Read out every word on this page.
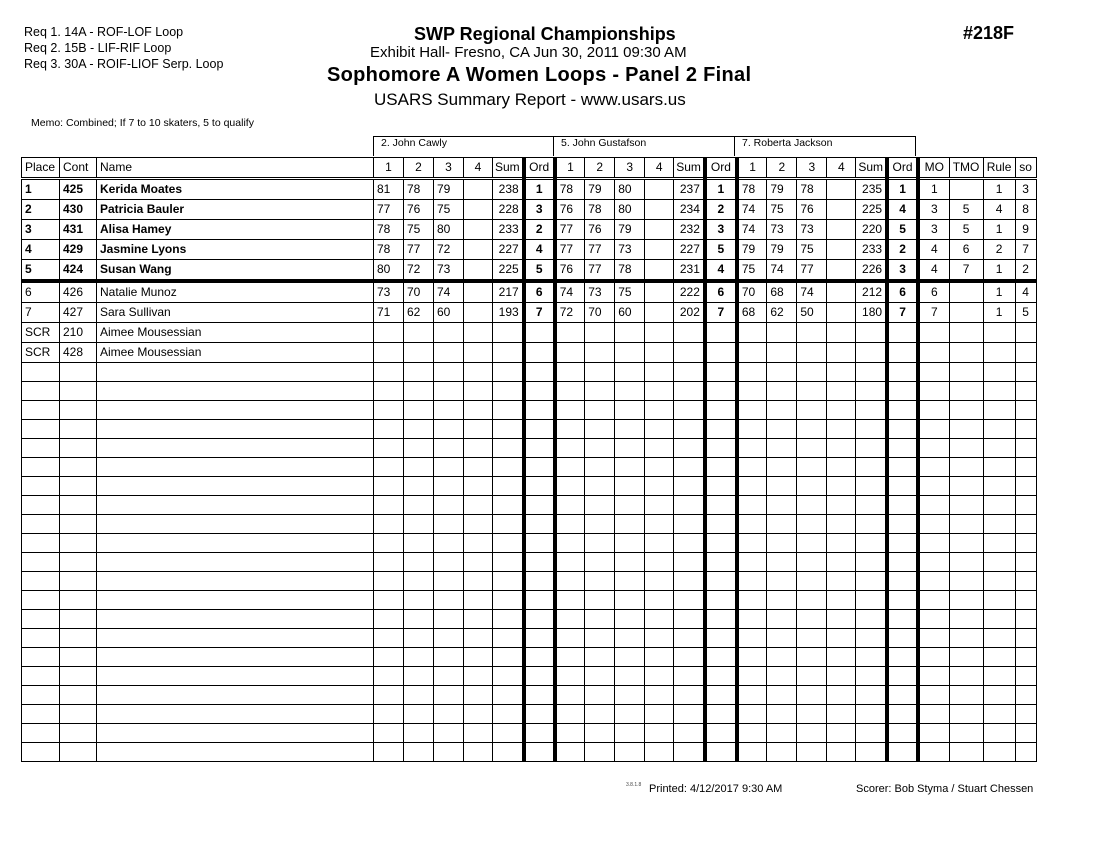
Req 1. 14A - ROF-LOF Loop
Req 2. 15B - LIF-RIF Loop
Req 3. 30A - ROIF-LIOF Serp. Loop
SWP Regional Championships
Exhibit Hall- Fresno, CA Jun 30, 2011 09:30 AM
Sophomore A Women Loops - Panel 2 Final
USARS Summary Report - www.usars.us
#218F
Memo: Combined; If 7 to 10 skaters, 5 to qualify
2. John Cawly	5. John Gustafson	7. Roberta Jackson
Place	Cont	Name	1	2	3	4	Sum	Ord	1	2	3	4	Sum	Ord	1	2	3	4	Sum	Ord	MO	TMO	Rule	so
1	425	Kerida Moates	81	78	79		238	1	78	79	80		237	1	78	79	78		235	1	1		1	3
2	430	Patricia Bauler	77	76	75		228	3	76	78	80		234	2	74	75	76		225	4	3	5	4	8
3	431	Alisa Hamey	78	75	80		233	2	77	76	79		232	3	74	73	73		220	5	3	5	1	9
4	429	Jasmine Lyons	78	77	72		227	4	77	77	73		227	5	79	79	75		233	2	4	6	2	7
5	424	Susan Wang	80	72	73		225	5	76	77	78		231	4	75	74	77		226	3	4	7	1	2
6	426	Natalie Munoz	73	70	74		217	6	74	73	75		222	6	70	68	74		212	6	6		1	4
7	427	Sara Sullivan	71	62	60		193	7	72	70	60		202	7	68	62	50		180	7	7		1	5
SCR	210	Aimee Mousessian																						
SCR	428	Aimee Mousessian																						

3.8.1.8 Printed: 4/12/2017 9:30 AM	Scorer: Bob Styma / Stuart Chessen
